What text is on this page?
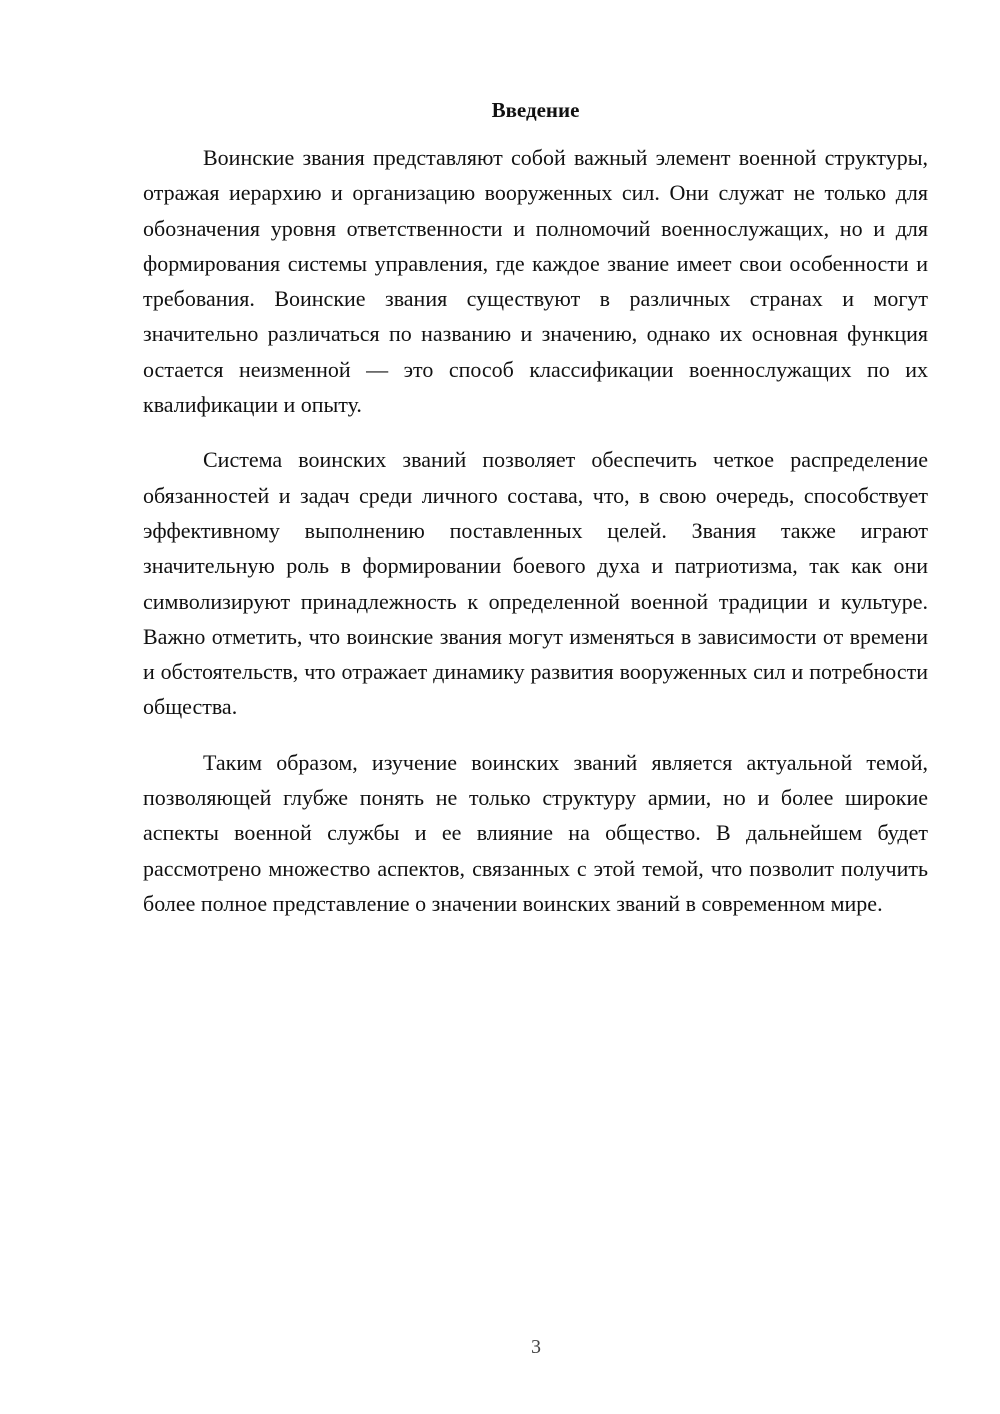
Введение

Воинские звания представляют собой важный элемент военной структуры, отражая иерархию и организацию вооруженных сил. Они служат не только для обозначения уровня ответственности и полномочий военнослужащих, но и для формирования системы управления, где каждое звание имеет свои особенности и требования. Воинские звания существуют в различных странах и могут значительно различаться по названию и значению, однако их основная функция остается неизменной — это способ классификации военнослужащих по их квалификации и опыту.

Система воинских званий позволяет обеспечить четкое распределение обязанностей и задач среди личного состава, что, в свою очередь, способствует эффективному выполнению поставленных целей. Звания также играют значительную роль в формировании боевого духа и патриотизма, так как они символизируют принадлежность к определенной военной традиции и культуре. Важно отметить, что воинские звания могут изменяться в зависимости от времени и обстоятельств, что отражает динамику развития вооруженных сил и потребности общества.

Таким образом, изучение воинских званий является актуальной темой, позволяющей глубже понять не только структуру армии, но и более широкие аспекты военной службы и ее влияние на общество. В дальнейшем будет рассмотрено множество аспектов, связанных с этой темой, что позволит получить более полное представление о значении воинских званий в современном мире.

3
